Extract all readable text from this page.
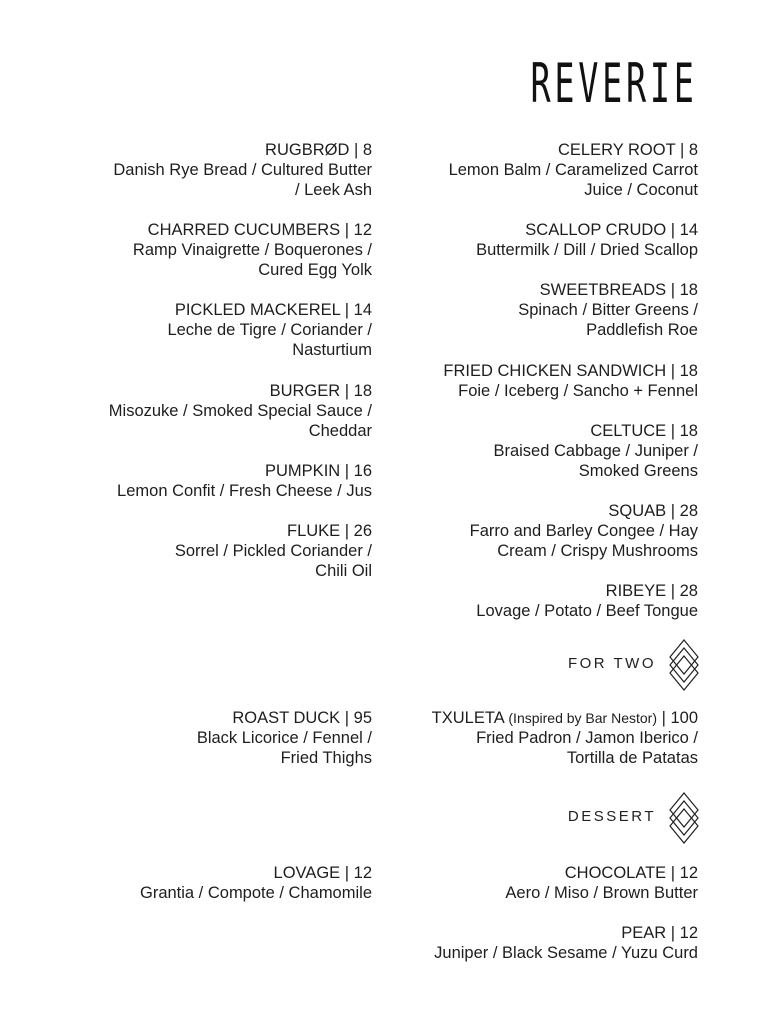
REVERIE
RUGBRØD | 8
Danish Rye Bread / Cultured Butter
/ Leek Ash
CHARRED CUCUMBERS | 12
Ramp Vinaigrette / Boquerones /
Cured Egg Yolk
PICKLED MACKEREL | 14
Leche de Tigre / Coriander /
Nasturtium
BURGER | 18
Misozuke / Smoked Special Sauce /
Cheddar
PUMPKIN | 16
Lemon Confit / Fresh Cheese / Jus
FLUKE | 26
Sorrel / Pickled Coriander /
Chili Oil
CELERY ROOT | 8
Lemon Balm / Caramelized Carrot
Juice / Coconut
SCALLOP CRUDO | 14
Buttermilk / Dill / Dried Scallop
SWEETBREADS | 18
Spinach / Bitter Greens /
Paddlefish Roe
FRIED CHICKEN SANDWICH | 18
Foie / Iceberg / Sancho + Fennel
CELTUCE | 18
Braised Cabbage / Juniper /
Smoked Greens
SQUAB | 28
Farro and Barley Congee / Hay
Cream / Crispy Mushrooms
RIBEYE | 28
Lovage / Potato / Beef Tongue
FOR TWO
ROAST DUCK | 95
Black Licorice / Fennel /
Fried Thighs
TXULETA (Inspired by Bar Nestor) | 100
Fried Padron / Jamon Iberico /
Tortilla de Patatas
DESSERT
LOVAGE | 12
Grantia / Compote / Chamomile
CHOCOLATE | 12
Aero / Miso / Brown Butter
PEAR | 12
Juniper / Black Sesame / Yuzu Curd
